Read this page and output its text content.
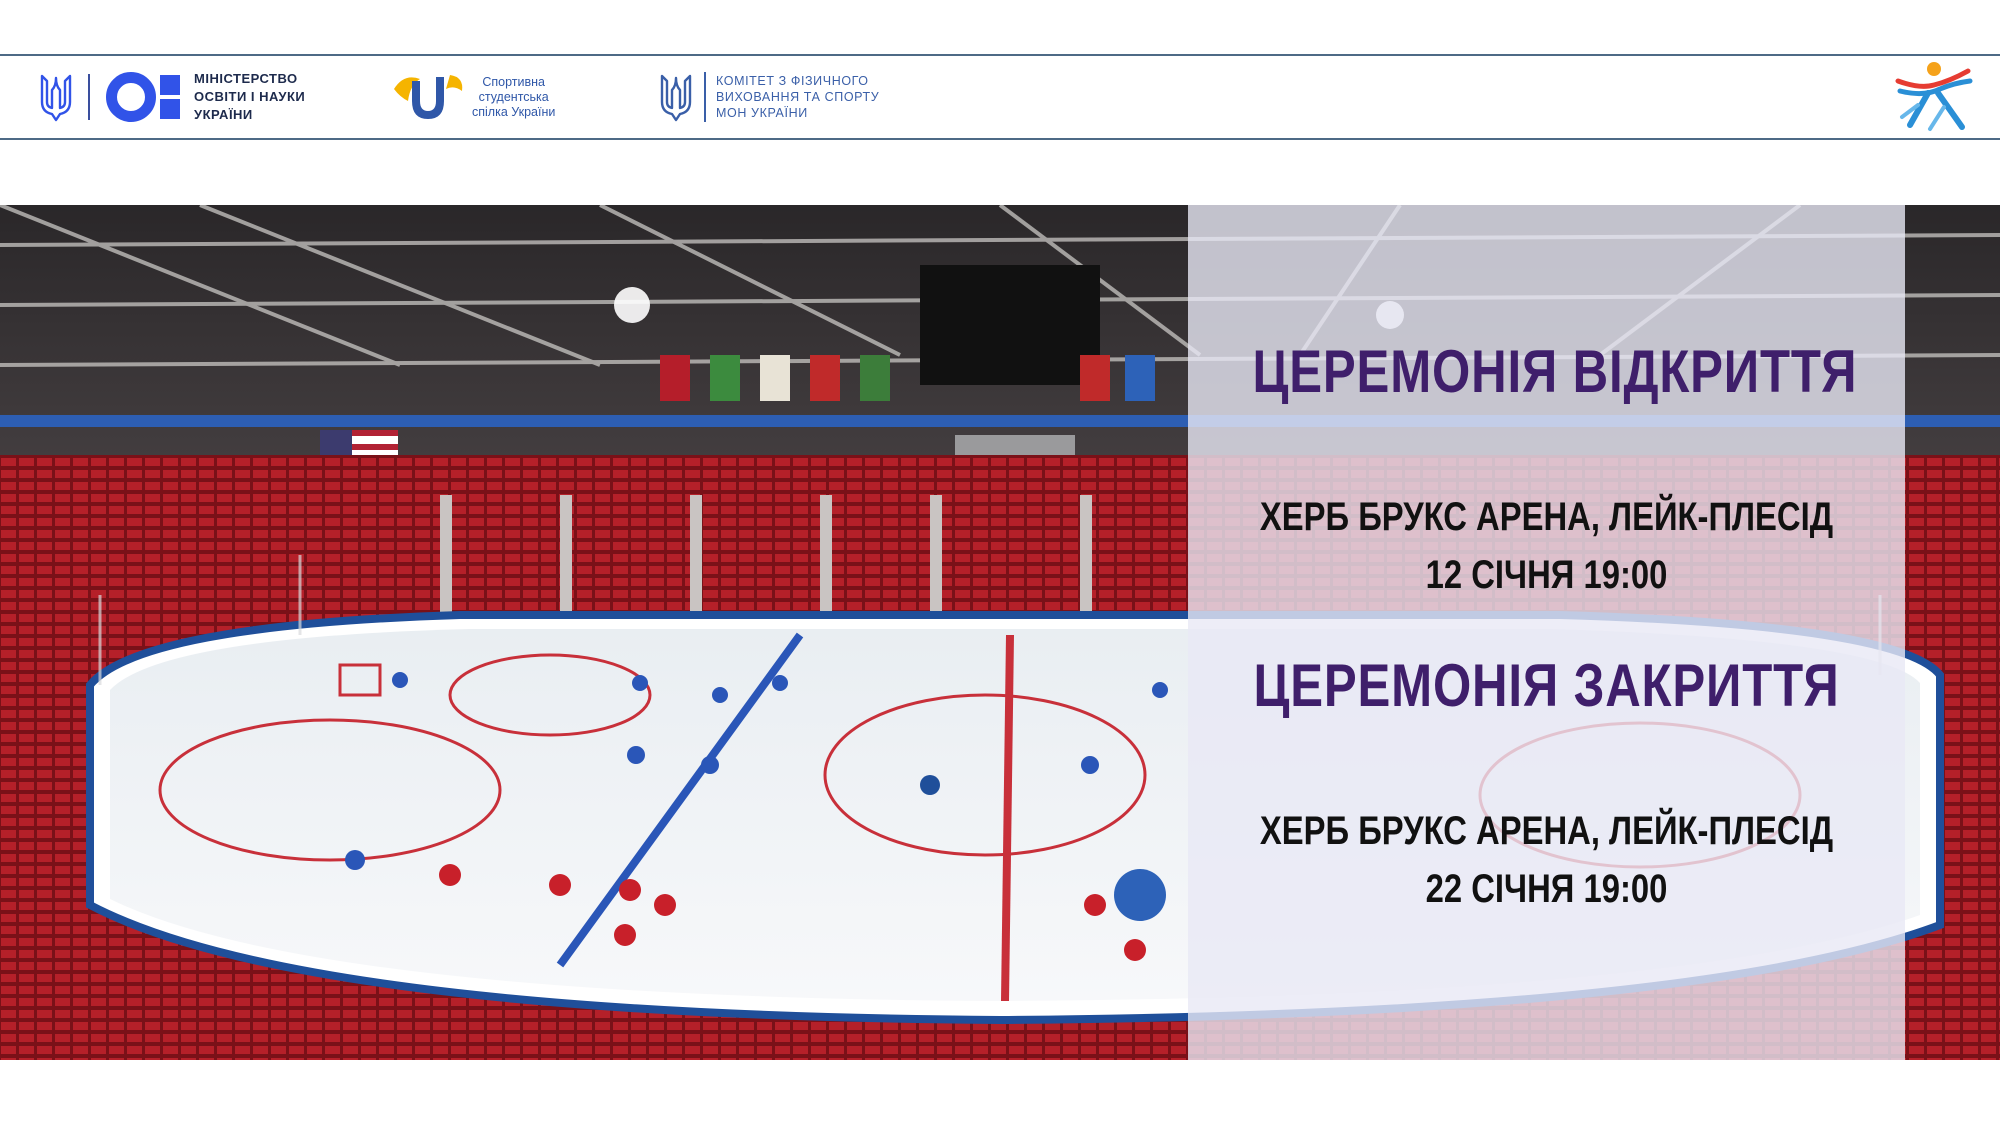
МІНІСТЕРСТВО
ОСВІТИ І НАУКИ
УКРАЇНИ
Спортивна
студентська
спілка України
КОМІТЕТ З ФІЗИЧНОГО
ВИХОВАННЯ ТА СПОРТУ
МОН УКРАЇНИ
ЦЕРЕМОНІЯ ВІДКРИТТЯ
ХЕРБ БРУКС АРЕНА, ЛЕЙК-ПЛЕСІД
12 СІЧНЯ 19:00
ЦЕРЕМОНІЯ ЗАКРИТТЯ
ХЕРБ БРУКС АРЕНА, ЛЕЙК-ПЛЕСІД
22 СІЧНЯ 19:00
